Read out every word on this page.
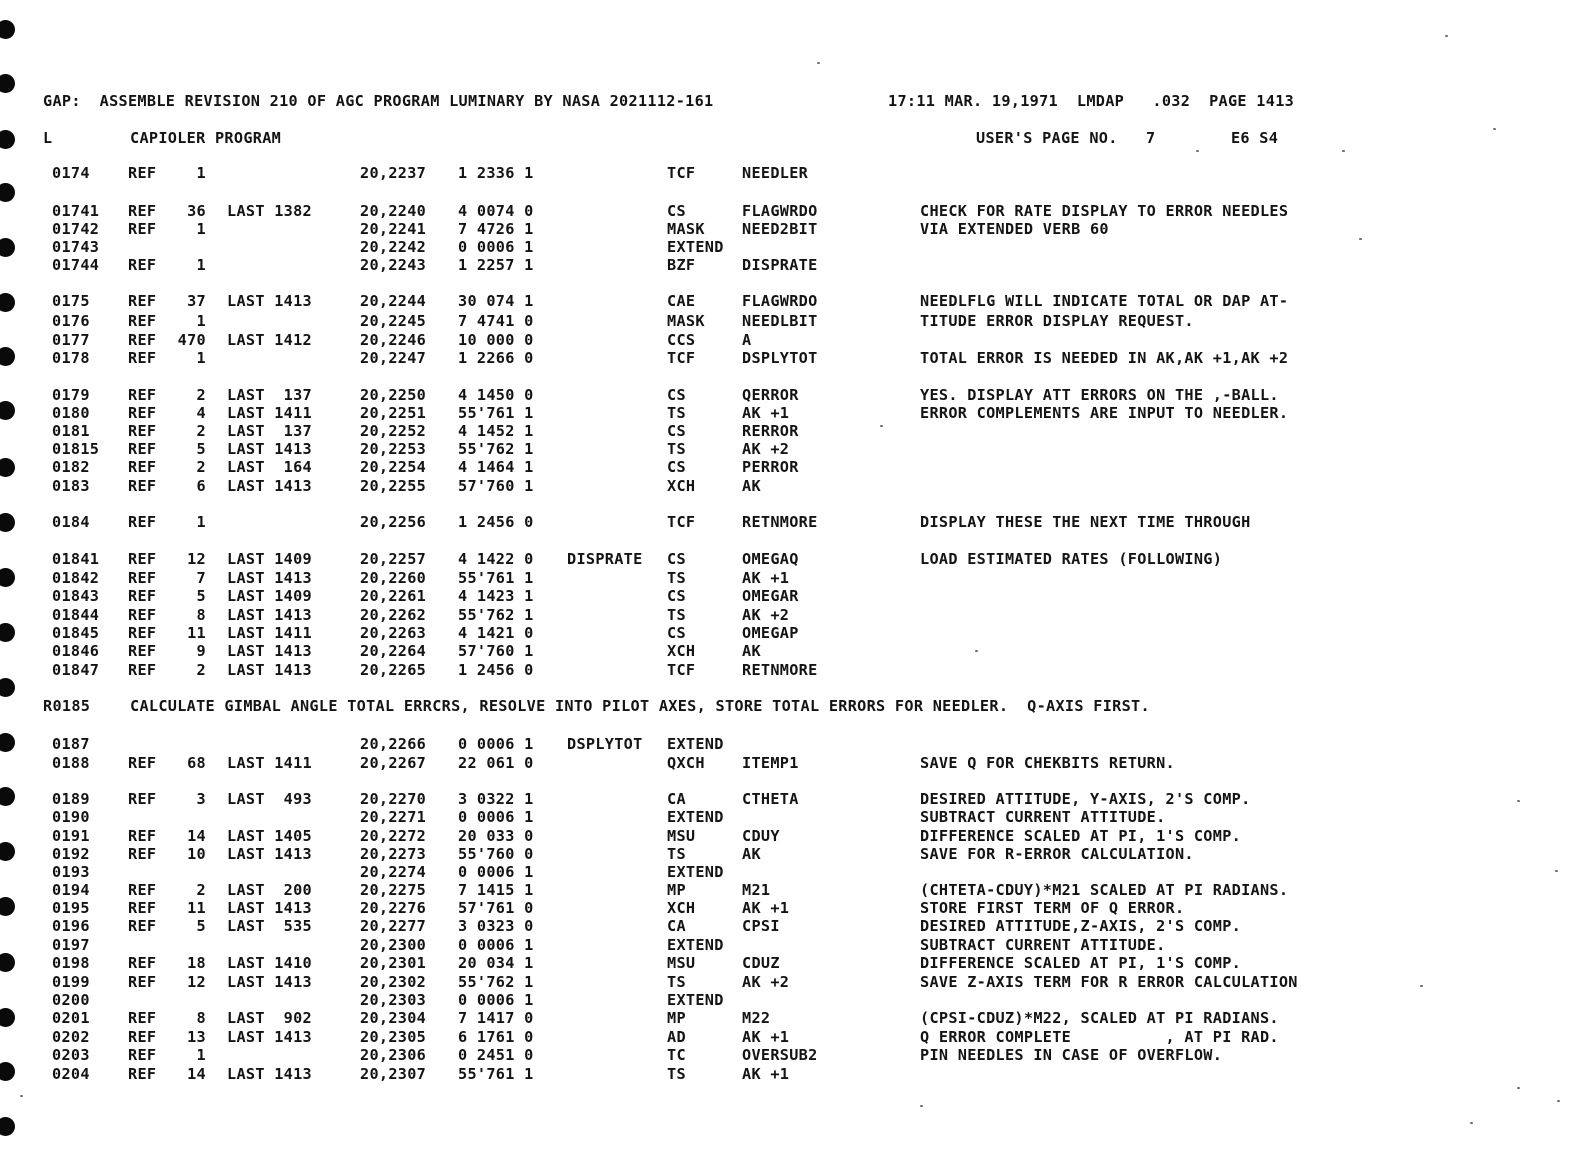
GAP:  ASSEMBLE REVISION 210 OF AGC PROGRAM LUMINARY BY NASA 2021112-161

	17:11 MAR. 19,1971  LMDAP   .032  PAGE 1413

L

	CAPIOLER PROGRAM

	USER'S PAGE NO.   7        E6 S4

0174	REF	1	20,2237 1 2336 1	TCF	NEEDLER
01741 REF	36 LAST 1382	20,2240 4 0074 0	CS	FLAGWRDO	CHECK FOR RATE DISPLAY TO ERROR NEEDLES
01742 REF	1	20,2241 7 4726 1	MASK NEED2BIT	VIA EXTENDED VERB 60
01743	20,2242 0 0006 1	EXTEND
01744 REF	1	20,2243 1 2257 1	BZF	DISPRATE
0175	REF	37 LAST 1413	20,2244 30 074 1	CAE	FLAGWRDO	NEEDLFLG WILL INDICATE TOTAL OR DAP AT-
0176	REF	1	20,2245 7 4741 0	MASK NEEDLBIT	TITUDE ERROR DISPLAY REQUEST.
0177	REF	470 LAST 1412	20,2246 10 000 0	CCS	A
0178	REF	1	20,2247 1 2266 0	TCF	DSPLYTOT	TOTAL ERROR IS NEEDED IN AK,AK +1,AK +2
0179	REF	2 LAST  137	20,2250 4 1450 0	CS	QERROR	YES. DISPLAY ATT ERRORS ON THE ,-BALL.
0180	REF	4 LAST 1411	20,2251 55'761 1	TS	AK +1	ERROR COMPLEMENTS ARE INPUT TO NEEDLER.
0181	REF	2 LAST  137	20,2252 4 1452 1	CS	RERROR
01815 REF	5 LAST 1413	20,2253 55'762 1	TS	AK +2
0182	REF	2 LAST  164	20,2254 4 1464 1	CS	PERROR
0183	REF	6 LAST 1413	20,2255 57'760 1	XCH	AK
0184	REF	1	20,2256 1 2456 0	TCF	RETNMORE	DISPLAY THESE THE NEXT TIME THROUGH
01841 REF	12 LAST 1409	20,2257 4 1422 0 DISPRATE CS	OMEGAQ	LOAD ESTIMATED RATES (FOLLOWING)
01842 REF	7 LAST 1413	20,2260 55'761 1	TS	AK +1
01843 REF	5 LAST 1409	20,2261 4 1423 1	CS	OMEGAR
01844 REF	8 LAST 1413	20,2262 55'762 1	TS	AK +2
01845 REF	11 LAST 1411	20,2263 4 1421 0	CS	OMEGAP
01846 REF	9 LAST 1413	20,2264 57'760 1	XCH	AK
01847 REF	2 LAST 1413	20,2265 1 2456 0	TCF	RETNMORE

R0185

	CALCULATE GIMBAL ANGLE TOTAL ERRCRS, RESOLVE INTO PILOT AXES, STORE TOTAL ERRORS FOR NEEDLER.  Q-AXIS FIRST.

0187	20,2266 0 0006 1 DSPLYTOT EXTEND
0188	REF	68 LAST 1411	20,2267 22 061 0	QXCH ITEMP1	SAVE Q FOR CHEKBITS RETURN.
0189	REF	3 LAST  493	20,2270 3 0322 1	CA	CTHETA	DESIRED ATTITUDE, Y-AXIS, 2'S COMP.
0190	20,2271 0 0006 1	EXTEND	SUBTRACT CURRENT ATTITUDE.
0191	REF	14 LAST 1405	20,2272 20 033 0	MSU	CDUY	DIFFERENCE SCALED AT PI, 1'S COMP.
0192	REF	10 LAST 1413	20,2273 55'760 0	TS	AK	SAVE FOR R-ERROR CALCULATION.
0193	20,2274 0 0006 1	EXTEND
0194	REF	2 LAST  200	20,2275 7 1415 1	MP	M21	(CHTETA-CDUY)*M21 SCALED AT PI RADIANS.
0195	REF	11 LAST 1413	20,2276 57'761 0	XCH	AK +1	STORE FIRST TERM OF Q ERROR.
0196	REF	5 LAST  535	20,2277 3 0323 0	CA	CPSI	DESIRED ATTITUDE,Z-AXIS, 2'S COMP.
0197	20,2300 0 0006 1	EXTEND	SUBTRACT CURRENT ATTITUDE.
0198	REF	18 LAST 1410	20,2301 20 034 1	MSU	CDUZ	DIFFERENCE SCALED AT PI, 1'S COMP.
0199	REF	12 LAST 1413	20,2302 55'762 1	TS	AK +2	SAVE Z-AXIS TERM FOR R ERROR CALCULATION
0200	20,2303 0 0006 1	EXTEND
0201	REF	8 LAST  902	20,2304 7 1417 0	MP	M22	(CPSI-CDUZ)*M22, SCALED AT PI RADIANS.
0202	REF	13 LAST 1413	20,2305 6 1761 0	AD	AK +1	Q ERROR COMPLETE          , AT PI RAD.
0203	REF	1	20,2306 0 2451 0	TC	OVERSUB2	PIN NEEDLES IN CASE OF OVERFLOW.
0204	REF	14 LAST 1413	20,2307 55'761 1	TS	AK +1
